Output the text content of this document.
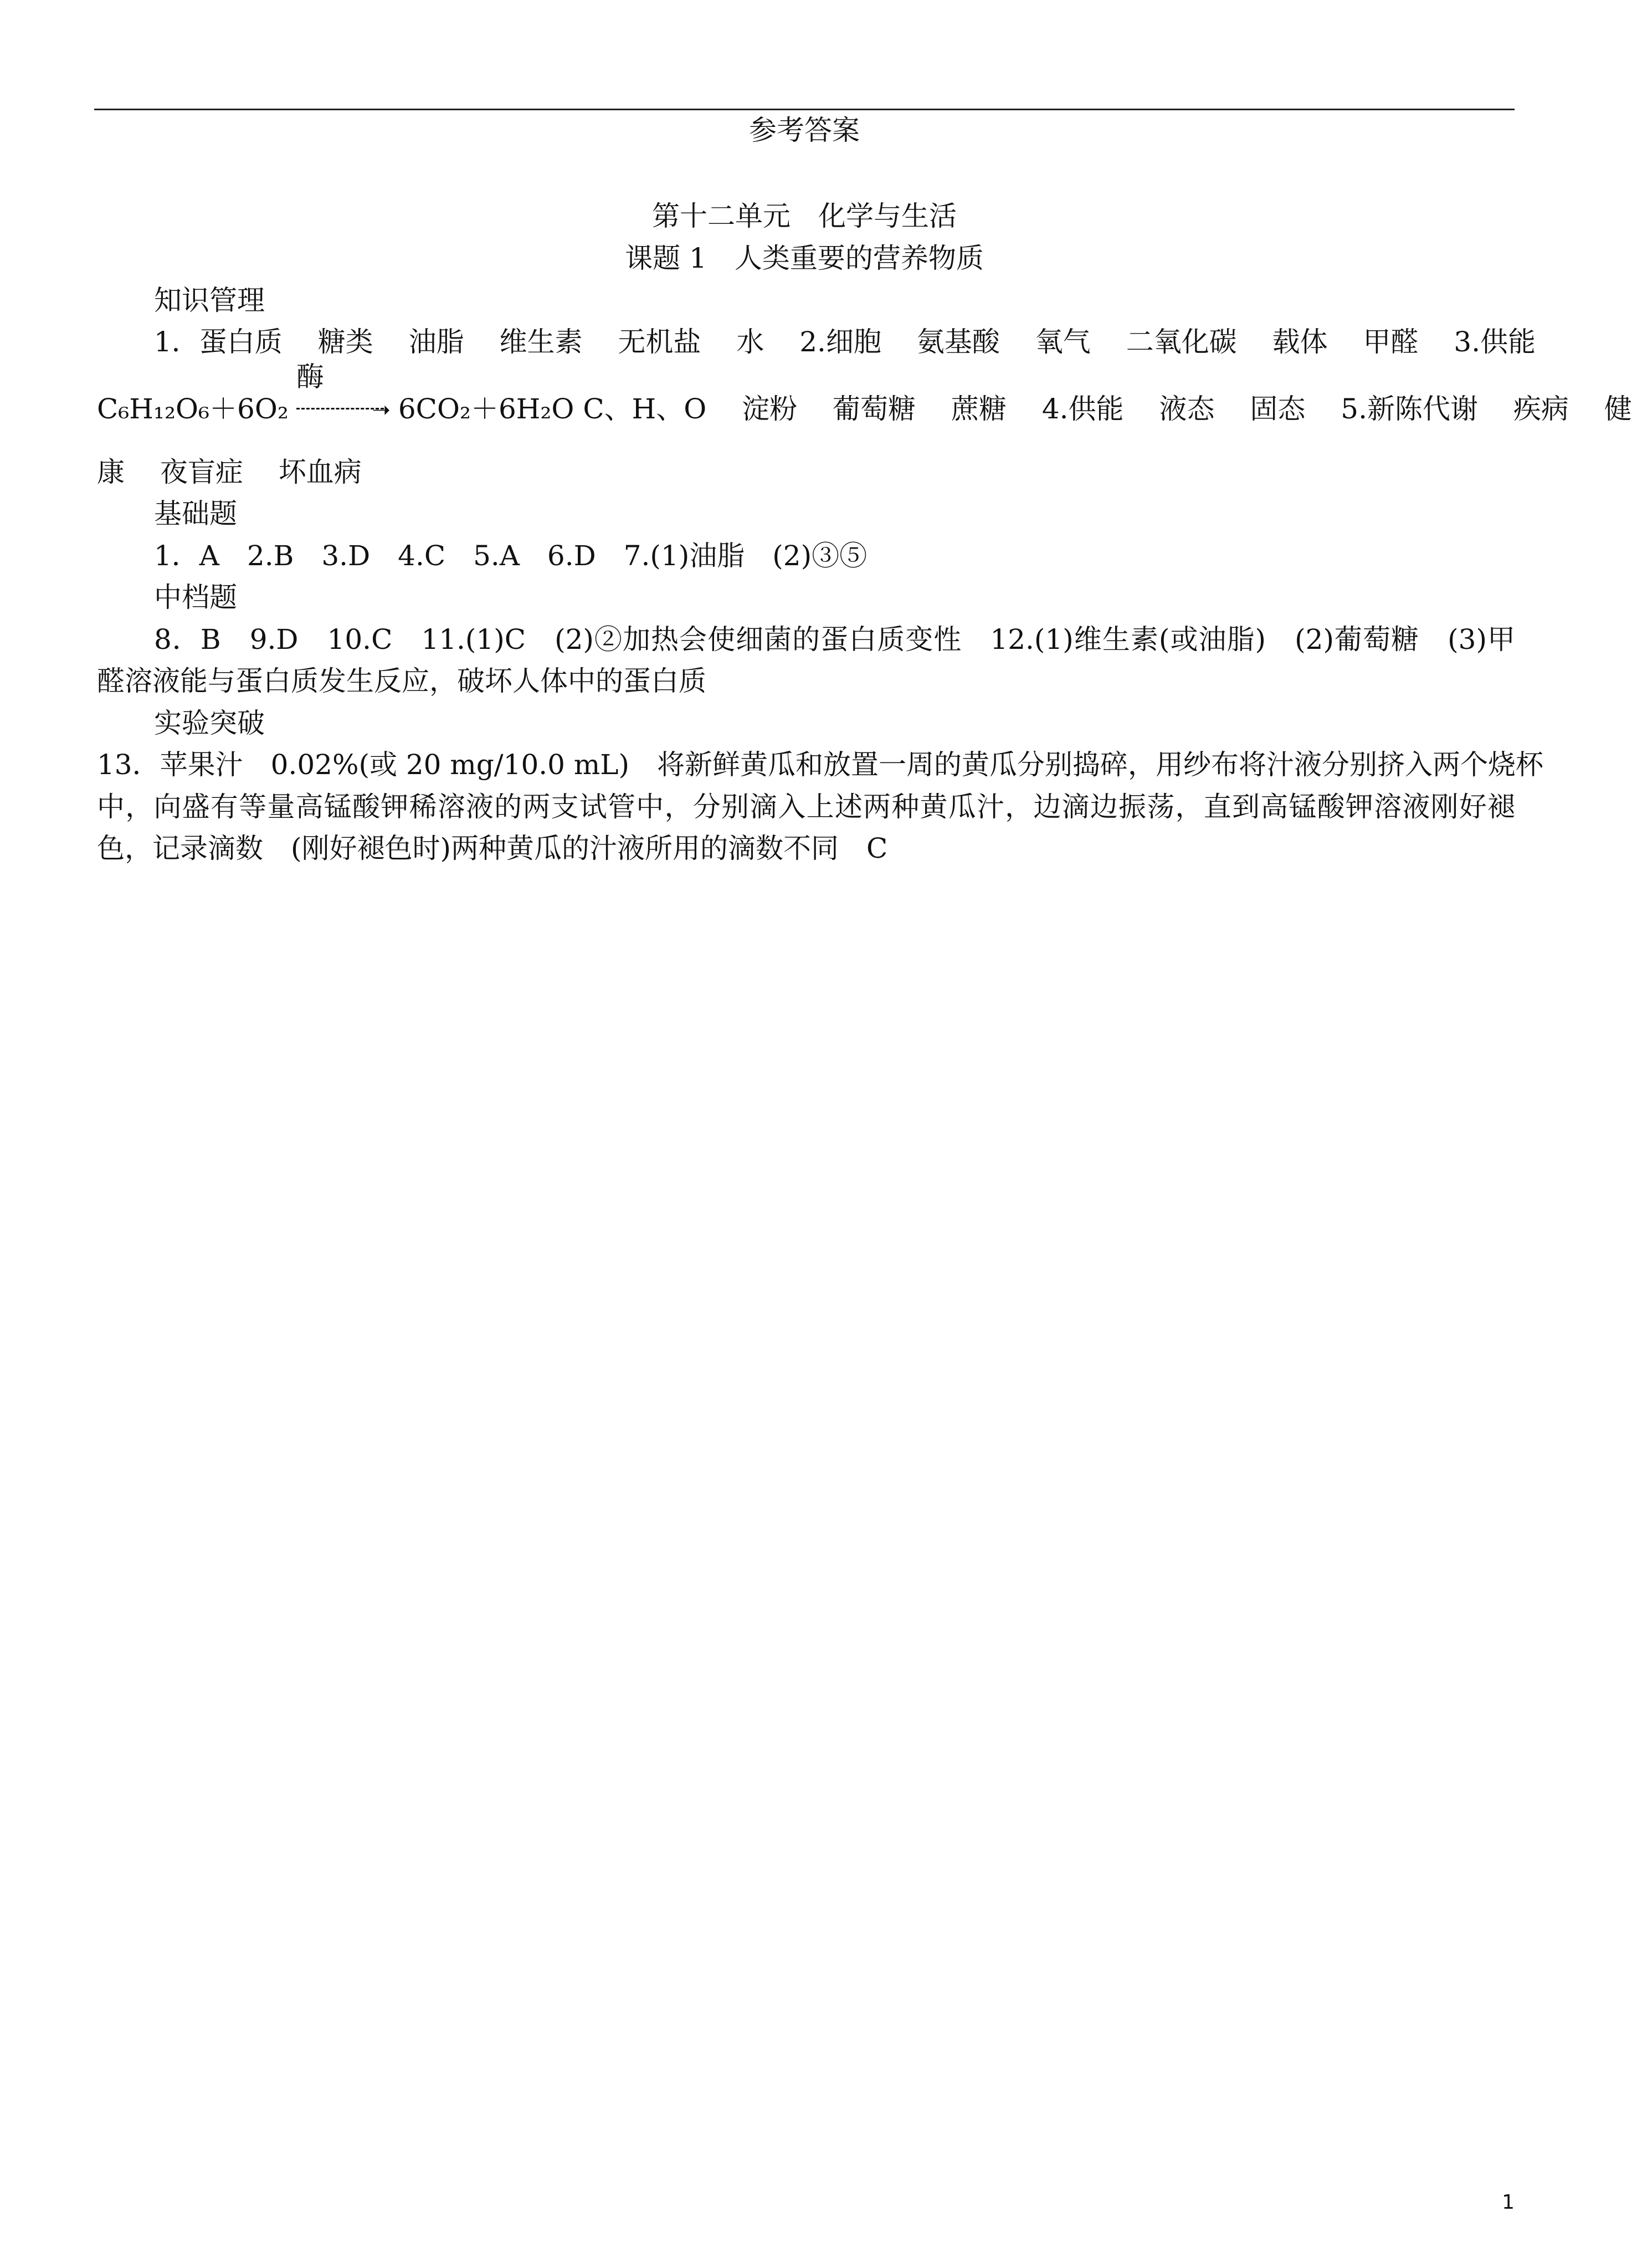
参考答案
第十二单元　化学与生活
课题 1　人类重要的营养物质
知识管理
1．蛋白质 糖类 油脂 维生素 无机盐 水 2.细胞 氨基酸 氧气 二氧化碳 载体 甲醛 3.供能
C₆H₁₂O₆＋6O₂
酶
➝ 6CO₂＋6H₂O C、H、O 淀粉 葡萄糖 蔗糖 4.供能 液态 固态 5.新陈代谢 疾病 健
康 夜盲症 坏血病
基础题
1．A　2.B　3.D　4.C　5.A　6.D　7.(1)油脂　(2)③⑤
中档题
8．B　9.D　10.C　11.(1)C　(2)②加热会使细菌的蛋白质变性　12.(1)维生素(或油脂)　(2)葡萄糖　(3)甲
醛溶液能与蛋白质发生反应，破坏人体中的蛋白质
实验突破
13．苹果汁　0.02%(或 20 mg/10.0 mL)　将新鲜黄瓜和放置一周的黄瓜分别捣碎，用纱布将汁液分别挤入两个烧杯
中，向盛有等量高锰酸钾稀溶液的两支试管中，分别滴入上述两种黄瓜汁，边滴边振荡，直到高锰酸钾溶液刚好褪
色，记录滴数　(刚好褪色时)两种黄瓜的汁液所用的滴数不同　C
1
